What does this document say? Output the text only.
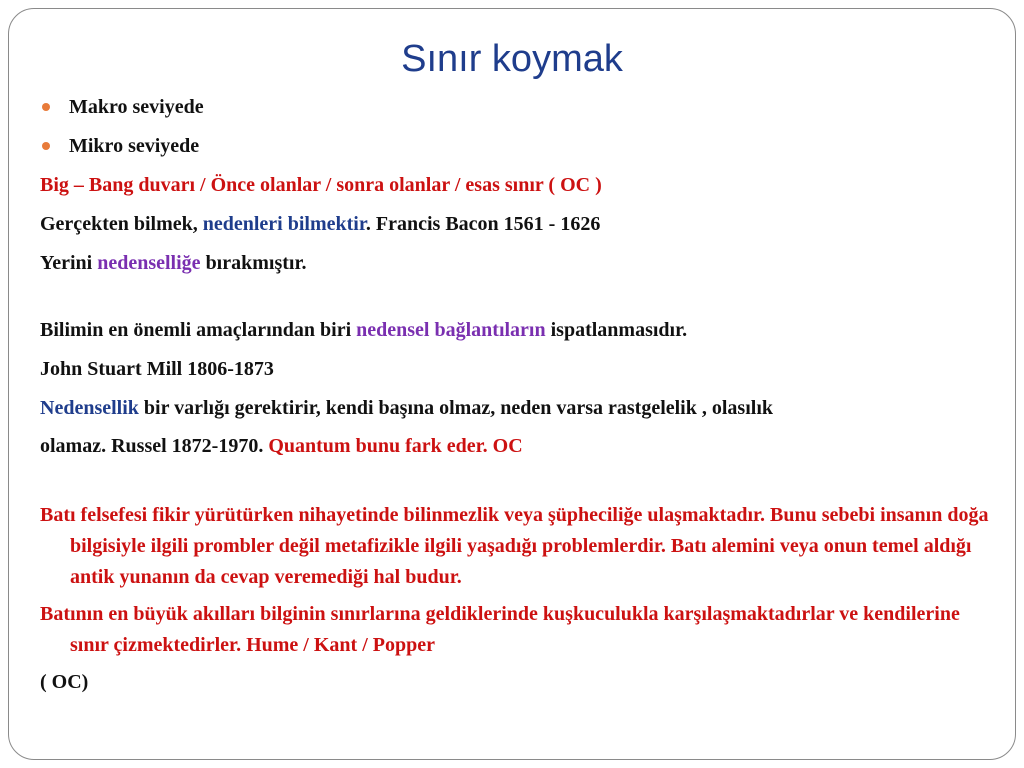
Sınır koymak

Makro seviyede

Mikro seviyede

Big – Bang duvarı / Önce olanlar / sonra olanlar / esas sınır ( OC )

Gerçekten bilmek, nedenleri bilmektir. Francis Bacon 1561 - 1626

Yerini nedenselliğe bırakmıştır.

Bilimin en önemli amaçlarından biri nedensel bağlantıların ispatlanmasıdır.

John Stuart Mill 1806-1873

Nedensellik bir varlığı gerektirir, kendi başına olmaz, neden varsa rastgelelik , olasılık

olamaz. Russel 1872-1970. Quantum bunu fark eder. OC

Batı felsefesi fikir yürütürken nihayetinde bilinmezlik veya şüpheciliğe ulaşmaktadır. Bunu sebebi insanın doğa bilgisiyle ilgili prombler değil metafizikle ilgili yaşadığı problemlerdir. Batı alemini veya onun temel aldığı antik yunanın da cevap veremediği hal budur.

Batının en büyük akılları bilginin sınırlarına geldiklerinde kuşkuculukla karşılaşmaktadırlar ve kendilerine sınır çizmektedirler. Hume / Kant / Popper

( OC)
